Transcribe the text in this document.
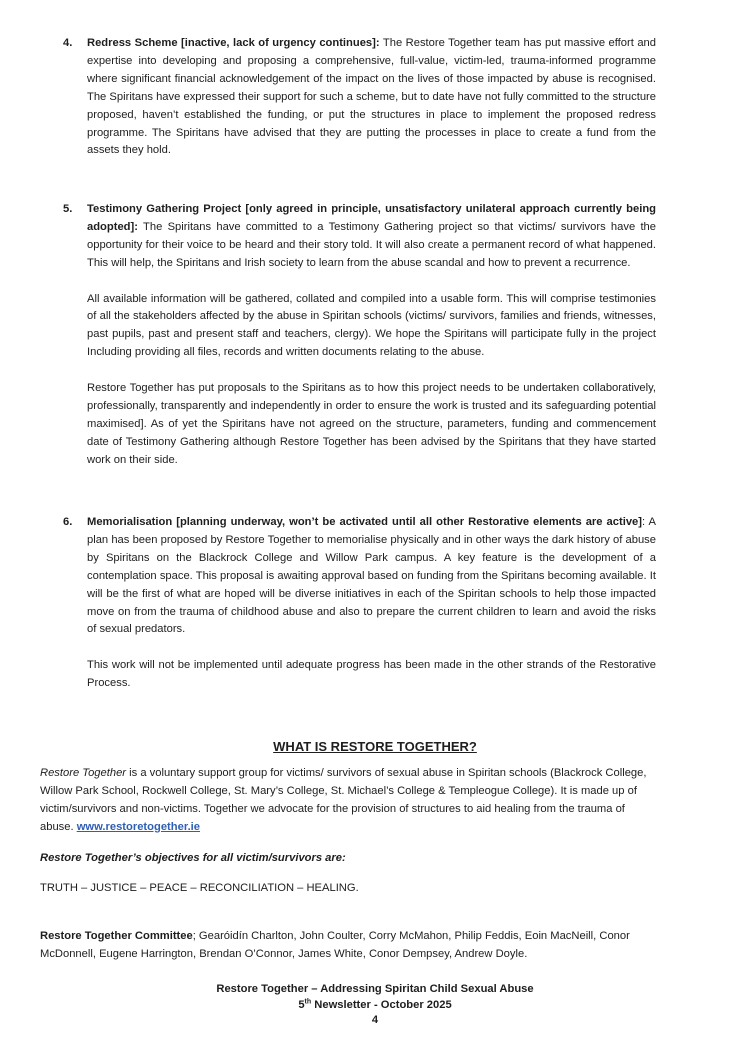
4. Redress Scheme [inactive, lack of urgency continues]: The Restore Together team has put massive effort and expertise into developing and proposing a comprehensive, full-value, victim-led, trauma-informed programme where significant financial acknowledgement of the impact on the lives of those impacted by abuse is recognised. The Spiritans have expressed their support for such a scheme, but to date have not fully committed to the structure proposed, haven’t established the funding, or put the structures in place to implement the proposed redress programme. The Spiritans have advised that they are putting the processes in place to create a fund from the assets they hold.

5. Testimony Gathering Project [only agreed in principle, unsatisfactory unilateral approach currently being adopted]: The Spiritans have committed to a Testimony Gathering project so that victims/ survivors have the opportunity for their voice to be heard and their story told. It will also create a permanent record of what happened. This will help, the Spiritans and Irish society to learn from the abuse scandal and how to prevent a recurrence.

All available information will be gathered, collated and compiled into a usable form. This will comprise testimonies of all the stakeholders affected by the abuse in Spiritan schools (victims/ survivors, families and friends, witnesses, past pupils, past and present staff and teachers, clergy). We hope the Spiritans will participate fully in the project Including providing all files, records and written documents relating to the abuse.

Restore Together has put proposals to the Spiritans as to how this project needs to be undertaken collaboratively, professionally, transparently and independently in order to ensure the work is trusted and its safeguarding potential maximised]. As of yet the Spiritans have not agreed on the structure, parameters, funding and commencement date of Testimony Gathering although Restore Together has been advised by the Spiritans that they have started work on their side.

6. Memorialisation [planning underway, won’t be activated until all other Restorative elements are active]: A plan has been proposed by Restore Together to memorialise physically and in other ways the dark history of abuse by Spiritans on the Blackrock College and Willow Park campus. A key feature is the development of a contemplation space. This proposal is awaiting approval based on funding from the Spiritans becoming available. It will be the first of what are hoped will be diverse initiatives in each of the Spiritan schools to help those impacted move on from the trauma of childhood abuse and also to prepare the current children to learn and avoid the risks of sexual predators.

This work will not be implemented until adequate progress has been made in the other strands of the Restorative Process.

WHAT IS RESTORE TOGETHER?

Restore Together is a voluntary support group for victims/ survivors of sexual abuse in Spiritan schools (Blackrock College, Willow Park School, Rockwell College, St. Mary’s College, St. Michael’s College & Templeogue College). It is made up of victim/survivors and non-victims. Together we advocate for the provision of structures to aid healing from the trauma of abuse. www.restoretogether.ie

Restore Together’s objectives for all victim/survivors are:

TRUTH – JUSTICE – PEACE – RECONCILIATION – HEALING.

Restore Together Committee; Gearóidín Charlton, John Coulter, Corry McMahon, Philip Feddis, Eoin MacNeill, Conor McDonnell, Eugene Harrington, Brendan O’Connor, James White, Conor Dempsey, Andrew Doyle.

Restore Together – Addressing Spiritan Child Sexual Abuse
5th Newsletter - October 2025
4
